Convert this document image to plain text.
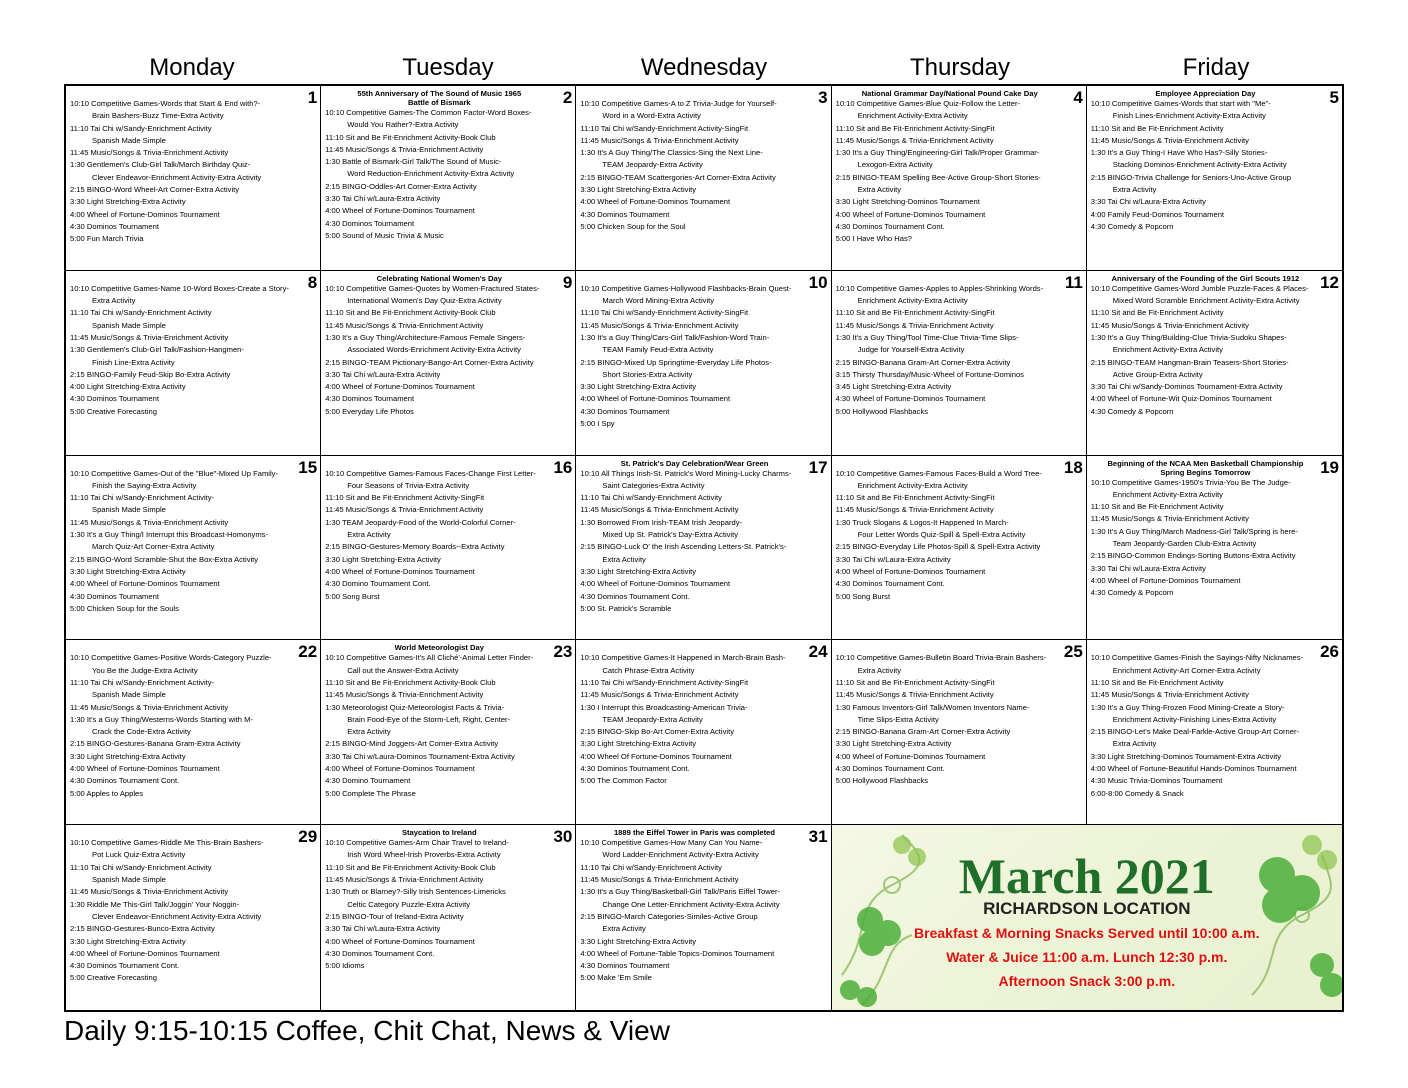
Monday	Tuesday	Wednesday	Thursday	Friday
1
10:10 Competitive Games-Words that Start & End with?-
Brain Bashers-Buzz Time-Extra Activity
11:10 Tai Chi w/Sandy-Enrichment Activity
Spanish Made Simple
11:45 Music/Songs & Trivia-Enrichment Activity
1:30 Gentlemen's Club-Girl Talk/March Birthday Quiz-
Clever Endeavor-Enrichment Activity-Extra Activity
2:15 BINGO-Word Wheel-Art Corner-Extra Activity
3:30 Light Stretching-Extra Activity
4:00 Wheel of Fortune-Dominos Tournament
4:30 Dominos Tournament
5:00 Fun March Trivia
2
55th Anniversary of The Sound of Music 1965
Battle of Bismark
10:10 Competitive Games-The Common Factor-Word Boxes-
Would You Rather?-Extra Activity
11:10 Sit and Be Fit-Enrichment Activity-Book Club
11:45 Music/Songs & Trivia-Enrichment Activity
1:30 Battle of Bismark-Girl Talk/The Sound of Music-
Word Reduction-Enrichment Activity-Extra Activity
2:15 BINGO-Oddles-Art Corner-Extra Activity
3:30 Tai Chi w/Laura-Extra Activity
4:00 Wheel of Fortune-Dominos Tournament
4:30 Dominos Tournament
5:00 Sound of Music Trivia & Music
3
10:10 Competitive Games-A to Z Trivia-Judge for Yourself-
Word in a Word-Extra Activity
11:10 Tai Chi w/Sandy-Enrichment Activity-SingFit
11:45 Music/Songs & Trivia-Enrichment Activity
1:30 It's A Guy Thing/The Classics-Sing the Next Line-
TEAM Jeopardy-Extra Activity
2:15 BINGO-TEAM Scattergories-Art Corner-Extra Activity
3:30 Light Stretching-Extra Activity
4:00 Wheel of Fortune-Dominos Tournament
4:30 Dominos Tournament
5:00 Chicken Soup for the Soul
4
National Grammar Day/National Pound Cake Day
10:10 Competitive Games-Blue Quiz-Follow the Letter-
Enrichment Activity-Extra Activity
11:10 Sit and Be Fit-Enrichment Activity-SingFit
11:45 Music/Songs & Trivia-Enrichment Activity
1:30 It's a Guy Thing/Engineering-Girl Talk/Proper Grammar-
Lexogon-Extra Activity
2:15 BINGO-TEAM Spelling Bee-Active Group-Short Stories-
Extra Activity
3:30 Light Stretching-Dominos Tournament
4:00 Wheel of Fortune-Dominos Tournament
4:30 Dominos Tournament Cont.
5:00 I Have Who Has?
5
Employee Appreciation Day
10:10 Competitive Games-Words that start with "Me"-
Finish Lines-Enrichment Activity-Extra Activity
11:10 Sit and Be Fit-Enrichment Activity
11:45 Music/Songs & Trivia-Enrichment Activity
1:30 It's a Guy Thing-I Have Who Has?-Silly Stories-
Stacking Dominos-Enrichment Activity-Extra Activity
2:15 BINGO-Trivia Challenge for Seniors-Uno-Active Group
Extra Activity
3:30 Tai Chi w/Laura-Extra Activity
4:00 Family Feud-Dominos Tournament
4:30 Comedy & Popcorn
8
10:10 Competitive Games-Name 10-Word Boxes-Create a Story-
Extra Activity
11:10 Tai Chi w/Sandy-Enrichment Activity
Spanish Made Simple
11:45 Music/Songs & Trivia-Enrichment Activity
1:30 Gentlemen's Club-Girl Talk/Fashion-Hangmen-
Finish Line-Extra Activity
2:15 BINGO-Family Feud-Skip Bo-Extra Activity
4:00 Light Stretching-Extra Activity
4:30 Dominos Tournament
5:00 Creative Forecasting
9
Celebrating National Women's Day
10:10 Competitive Games-Quotes by Women-Fractured States-
International Women's Day Quiz-Extra Activity
11:10 Sit and Be Fit-Enrichment Activity-Book Club
11:45 Music/Songs & Trivia-Enrichment Activity
1:30 It's a Guy Thing/Architecture-Famous Female Singers-
Associated Words-Enrichment Activity-Extra Activity
2:15 BINGO-TEAM Pictionary-Bango-Art Corner-Extra Activity
3:30 Tai Chi w/Laura-Extra Activity
4:00 Wheel of Fortune-Dominos Tournament
4:30 Dominos Tournament
5:00 Everyday Life Photos
10
10:10 Competitive Games-Hollywood Flashbacks-Brain Quest-
March Word Mining-Extra Activity
11:10 Tai Chi w/Sandy-Enrichment Activity-SingFit
11:45 Music/Songs & Trivia-Enrichment Activity
1:30 It's a Guy Thing/Cars-Girl Talk/Fashion-Word Train-
TEAM Family Feud-Extra Activity
2:15 BINGO-Mixed Up Springtime-Everyday Life Photos-
Short Stories-Extra Activity
3:30 Light Stretching-Extra Activity
4:00 Wheel of Fortune-Dominos Tournament
4:30 Dominos Tournament
5:00 I Spy
11
10:10 Competitive Games-Apples to Apples-Shrinking Words-
Enrichment Activity-Extra Activity
11:10 Sit and Be Fit-Enrichment Activity-SingFit
11:45 Music/Songs & Trivia-Enrichment Activity
1:30 It's a Guy Thing/Tool Time-Clue Trivia-Time Slips-
Judge for Yourself-Extra Activity
2:15 BINGO-Banana Gram-Art Corner-Extra Activity
3:15 Thirsty Thursday/Music-Wheel of Fortune-Dominos
3:45 Light Stretching-Extra Activity
4:30 Wheel of Fortune-Dominos Tournament
5:00 Hollywood Flashbacks
12
Anniversary of the Founding of the Girl Scouts 1912
10:10 Competitive Games-Word Jumble Puzzle-Faces & Places-
Mixed Word Scramble Enrichment Activity-Extra Activity
11:10 Sit and Be Fit-Enrichment Activity
11:45 Music/Songs & Trivia-Enrichment Activity
1:30 It's a Guy Thing/Building-Clue Trivia-Sudoku Shapes-
Enrichment Activity-Extra Activity
2:15 BINGO-TEAM Hangman-Brain Teasers-Short Stories-
Active Group-Extra Activity
3:30 Tai Chi w/Sandy-Dominos Tournament-Extra Activity
4:00 Wheel of Fortune-Wit Quiz-Dominos Tournament
4:30 Comedy & Popcorn
15
10:10 Competitive Games-Out of the "Blue"-Mixed Up Family-
Finish the Saying-Extra Activity
11:10 Tai Chi w/Sandy-Enrichment Activity-
Spanish Made Simple
11:45 Music/Songs & Trivia-Enrichment Activity
1:30 It's a Guy Thing/I Interrupt this Broadcast-Homonyms-
March Quiz-Art Corner-Extra Activity
2:15 BINGO-Word Scramble-Shut the Box-Extra Activity
3:30 Light Stretching-Extra Activity
4:00 Wheel of Fortune-Dominos Tournament
4:30 Dominos Tournament
5:00 Chicken Soup for the Souls
16
10:10 Competitive Games-Famous Faces-Change First Letter-
Four Seasons of Trivia-Extra Activity
11:10 Sit and Be Fit-Enrichment Activity-SingFit
11:45 Music/Songs & Trivia-Enrichment Activity
1:30 TEAM Jeopardy-Food of the World-Colorful Corner-
Extra Activity
2:15 BINGO-Gestures-Memory Boards--Extra Activity
3:30 Light Stretching-Extra Activity
4:00 Wheel of Fortune-Dominos Tournament
4:30 Domino Tournament Cont.
5:00 Song Burst
17
St. Patrick's Day Celebration/Wear Green
10:10 All Things Irish-St. Patrick's Word Mining-Lucky Charms-
Saint Categories-Extra Activity
11:10 Tai Chi w/Sandy-Enrichment Activity
11:45 Music/Songs & Trivia-Enrichment Activity
1:30 Borrowed From Irish-TEAM Irish Jeopardy-
Mixed Up St. Patrick's Day-Extra Activity
2:15 BINGO-Luck O' the Irish Ascending Letters-St. Patrick's-
Extra Activity
3:30 Light Stretching-Extra Activity
4:00 Wheel of Fortune-Dominos Tournament
4:30 Dominos Tournament Cont.
5:00 St. Patrick's Scramble
18
10:10 Competitive Games-Famous Faces-Build a Word Tree-
Enrichment Activity-Extra Activity
11:10 Sit and Be Fit-Enrichment Activity-SingFit
11:45 Music/Songs & Trivia-Enrichment Activity
1:30 Truck Slogans & Logos-It Happened In March-
Four Letter Words Quiz-Spill & Spell-Extra Activity
2:15 BINGO-Everyday Life Photos-Spill & Spell-Extra Activity
3:30 Tai Chi w/Laura-Extra Activity
4:00 Wheel of Fortune-Dominos Tournament
4:30 Dominos Tournament Cont.
5:00 Song Burst
19
Beginning of the NCAA Men Basketball Championship
Spring Begins Tomorrow
10:10 Competitive Games-1950's Trivia-You Be The Judge-
Enrichment Activity-Extra Activity
11:10 Sit and Be Fit-Enrichment Activity
11:45 Music/Songs & Trivia-Enrichment Activity
1:30 It's A Guy Thing/March Madness-Girl Talk/Spring is here-
Team Jeopardy-Garden Club-Extra Activity
2:15 BINGO-Common Endings-Sorting Buttons-Extra Activity
3:30 Tai Chi w/Laura-Extra Activity
4:00 Wheel of Fortune-Dominos Tournament
4:30 Comedy & Popcorn
22
10:10 Competitive Games-Positive Words-Category Puzzle-
You Be the Judge-Extra Activity
11:10 Tai Chi w/Sandy-Enrichment Activity-
Spanish Made Simple
11:45 Music/Songs & Trivia-Enrichment Activity
1:30 It's a Guy Thing/Westerns-Words Starting with M-
Crack the Code-Extra Activity
2:15 BINGO-Gestures-Banana Gram-Extra Activity
3:30 Light Stretching-Extra Activity
4:00 Wheel of Fortune-Dominos Tournament
4:30 Dominos Tournament Cont.
5:00 Apples to Apples
23
World Meteorologist Day
10:10 Competitive Games-It's All Cliché'-Animal Letter Finder-
Call out the Answer-Extra Activity
11:10 Sit and Be Fit-Enrichment Activity-Book Club
11:45 Music/Songs & Trivia-Enrichment Activity
1:30 Meteorologist Quiz-Meteorologist Facts & Trivia-
Brain Food-Eye of the Storm-Left, Right, Center-
Extra Activity
2:15 BINGO-Mind Joggers-Art Corner-Extra Activity
3:30 Tai Chi w/Laura-Dominos Tournament-Extra Activity
4:00 Wheel of Fortune-Dominos Tournament
4:30 Domino Tournament
5:00 Complete The Phrase
24
10:10 Competitive Games-It Happened in March-Brain Bash-
Catch Phrase-Extra Activity
11:10 Tai Chi w/Sandy-Enrichment Activity-SingFit
11:45 Music/Songs & Trivia-Enrichment Activity
1:30 I Interrupt this Broadcasting-American Trivia-
TEAM Jeopardy-Extra Activity
2:15 BINGO-Skip Bo-Art Corner-Extra Activity
3:30 Light Stretching-Extra Activity
4:00 Wheel Of Fortune-Dominos Tournament
4:30 Dominos Tournament Cont.
5:00 The Common Factor
25
10:10 Competitive Games-Bulletin Board Trivia-Brain Bashers-
Extra Activity
11:10 Sit and Be Fit-Enrichment Activity-SingFit
11:45 Music/Songs & Trivia-Enrichment Activity
1:30 Famous Inventors-Girl Talk/Women Inventors Name-
Time Slips-Extra Activity
2:15 BINGO-Banana Gram-Art Corner-Extra Activity
3:30 Light Stretching-Extra Activity
4:00 Wheel of Fortune-Dominos Tournament
4:30 Dominos Tournament Cont.
5:00 Hollywood Flashbacks
26
10:10 Competitive Games-Finish the Sayings-Nifty Nicknames-
Enrichment Activity-Art Corner-Extra Activity
11:10 Sit and Be Fit-Enrichment Activity
11:45 Music/Songs & Trivia-Enrichment Activity
1:30 It's a Guy Thing-Frozen Food Mining-Create a Story-
Enrichment Activity-Finishing Lines-Extra Activity
2:15 BINGO-Let's Make Deal-Farkle-Active Group-Art Corner-
Extra Activity
3:30 Light Stretching-Dominos Tournament-Extra Activity
4:00 Wheel of Fortune-Beautiful Hands-Dominos Tournament
4:30 Music Trivia-Dominos Tournament
6:00-8:00 Comedy & Snack
29
10:10 Competitive Games-Riddle Me This-Brain Bashers-
Pot Luck Quiz-Extra Activity
11:10 Tai Chi w/Sandy-Enrichment Activity
Spanish Made Simple
11:45 Music/Songs & Trivia-Enrichment Activity
1:30 Riddle Me This-Girl Talk/Joggin' Your Noggin-
Clever Endeavor-Enrichment Activity-Extra Activity
2:15 BINGO-Gestures-Bunco-Extra Activity
3:30 Light Stretching-Extra Activity
4:00 Wheel of Fortune-Dominos Tournament
4:30 Dominos Tournament Cont.
5:00 Creative Forecasting
30
Staycation to Ireland
10:10 Competitive Games-Arm Chair Travel to Ireland-
Irish Word Wheel-Irish Proverbs-Extra Activity
11:10 Sit and Be Fit-Enrichment Activity-Book Club
11:45 Music/Songs & Trivia-Enrichment Activity
1:30 Truth or Blarney?-Silly Irish Sentences-Limericks
Celtic Category Puzzle-Extra Activity
2:15 BINGO-Tour of Ireland-Extra Activity
3:30 Tai Chi w/Laura-Extra Activity
4:00 Wheel of Fortune-Dominos Tournament
4:30 Dominos Tournament Cont.
5:00 Idioms
31
1889 the Eiffel Tower in Paris was completed
10:10 Competitive Games-How Many Can You Name-
Word Ladder-Enrichment Activity-Extra Activity
11:10 Tai Chi w/Sandy-Enrichment Activity
11:45 Music/Songs & Trivia-Enrichment Activity
1:30 It's a Guy Thing/Basketball-Girl Talk/Paris Eiffel Tower-
Change One Letter-Enrichment Activity-Extra Activity
2:15 BINGO-March Categories-Similes-Active Group
Extra Activity
3:30 Light Stretching-Extra Activity
4:00 Wheel of Fortune-Table Topics-Dominos Tournament
4:30 Dominos Tournament
5:00 Make 'Em Smile
March 2021
RICHARDSON LOCATION
Breakfast & Morning Snacks Served until 10:00 a.m.
Water & Juice 11:00 a.m. Lunch 12:30 p.m.
Afternoon Snack 3:00 p.m.
Daily 9:15-10:15 Coffee, Chit Chat, News & View
